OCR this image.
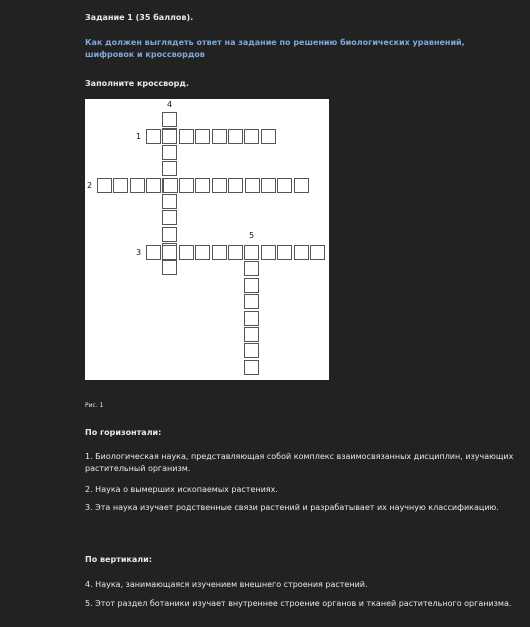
Задание 1 (35 баллов).
Как должен выглядеть ответ на задание по решению биологических уравнений, шифровок и кроссвордов
Заполните кроссворд.
4
1
2
5
3
Рис. 1
По горизонтали:
1. Биологическая наука, представляющая собой комплекс взаимосвязанных дисциплин, изучающих растительный организм.
2. Наука о вымерших ископаемых растениях.
3. Эта наука изучает родственные связи растений и разрабатывает их научную классификацию.
По вертикали:
4. Наука, занимающаяся изучением внешнего строения растений.
5. Этот раздел ботаники изучает внутреннее строение органов и тканей растительного организма.
